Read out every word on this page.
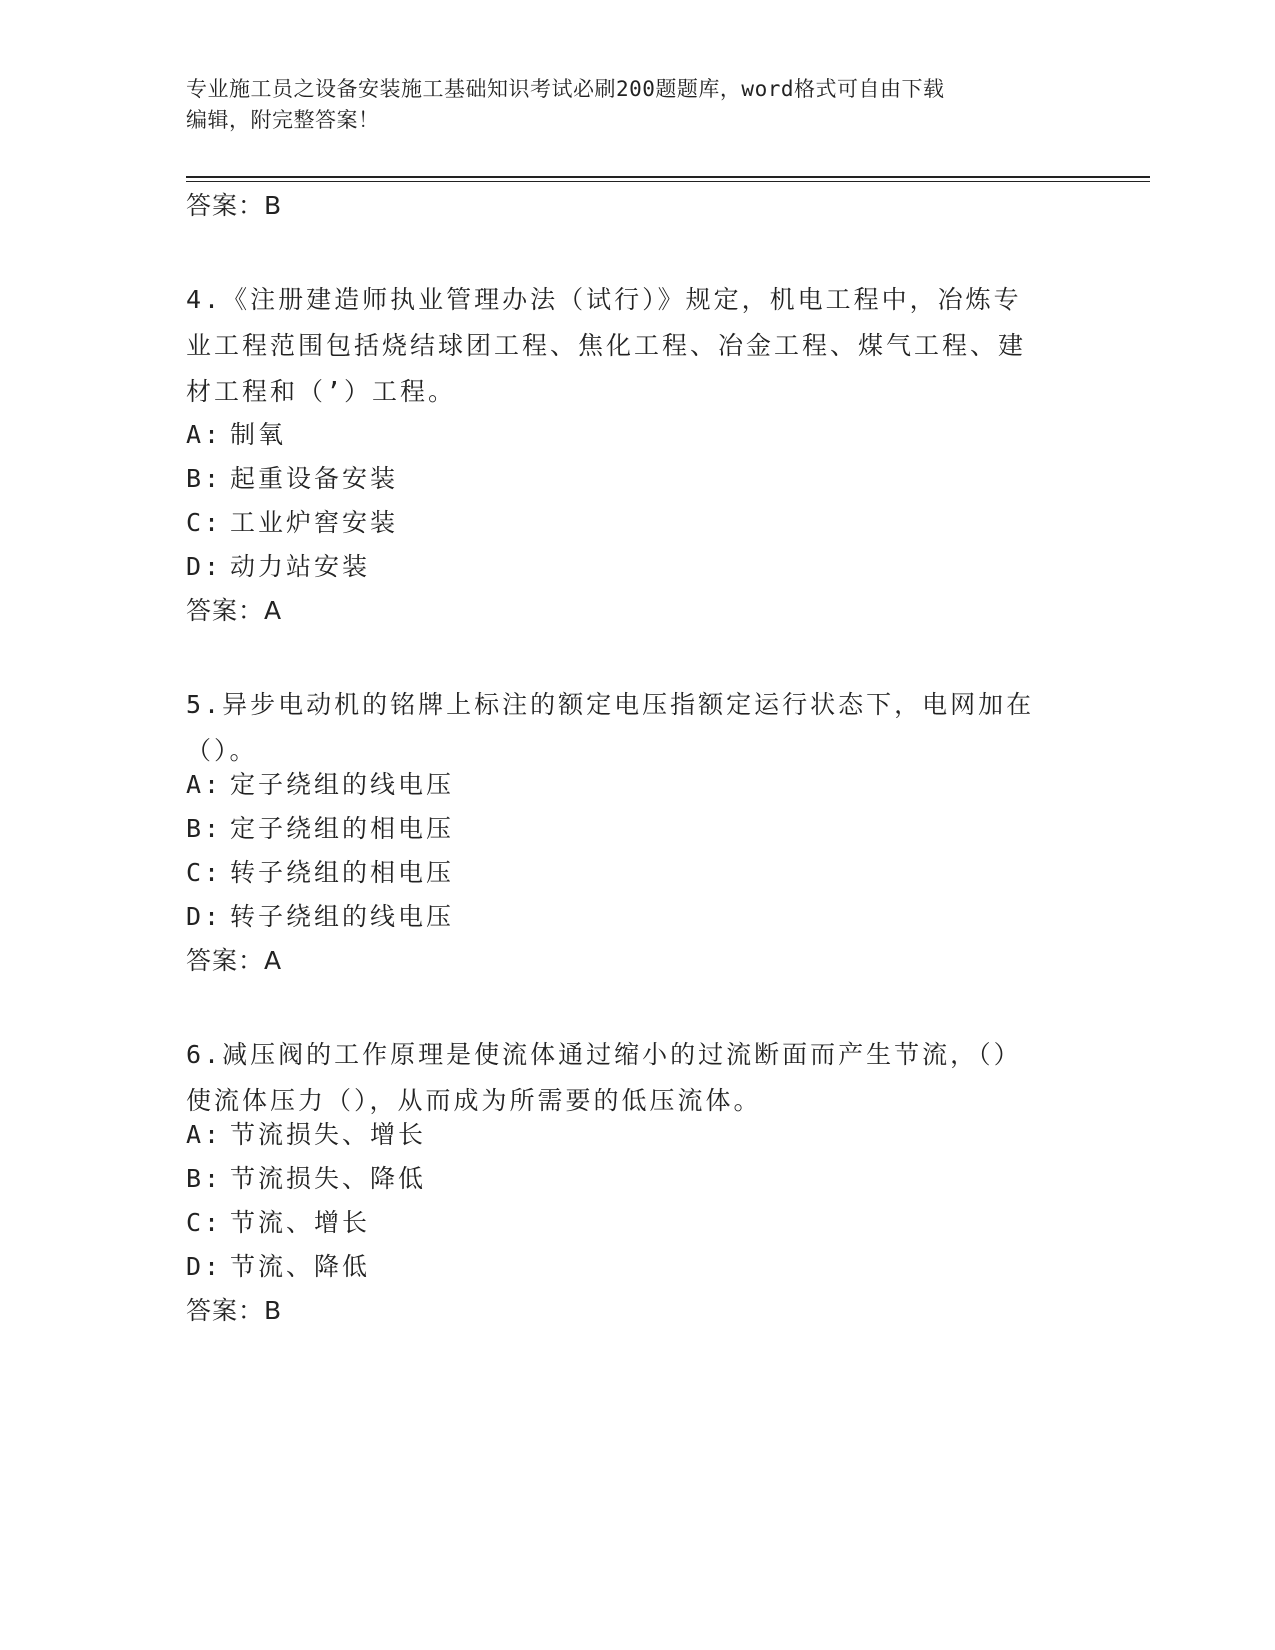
专业施工员之设备安装施工基础知识考试必刷200题题库，word格式可自由下载
编辑，附完整答案！
答案：B
4.《注册建造师执业管理办法（试行）》规定，机电工程中，冶炼专
业工程范围包括烧结球团工程、焦化工程、冶金工程、煤气工程、建
材工程和（’）工程。
A: 制氧
B: 起重设备安装
C: 工业炉窖安装
D: 动力站安装
答案：A
5.异步电动机的铭牌上标注的额定电压指额定运行状态下，电网加在
（）。
A: 定子绕组的线电压
B: 定子绕组的相电压
C: 转子绕组的相电压
D: 转子绕组的线电压
答案：A
6.减压阀的工作原理是使流体通过缩小的过流断面而产生节流，（）
使流体压力（），从而成为所需要的低压流体。
A: 节流损失、增长
B: 节流损失、降低
C: 节流、增长
D: 节流、降低
答案：B
